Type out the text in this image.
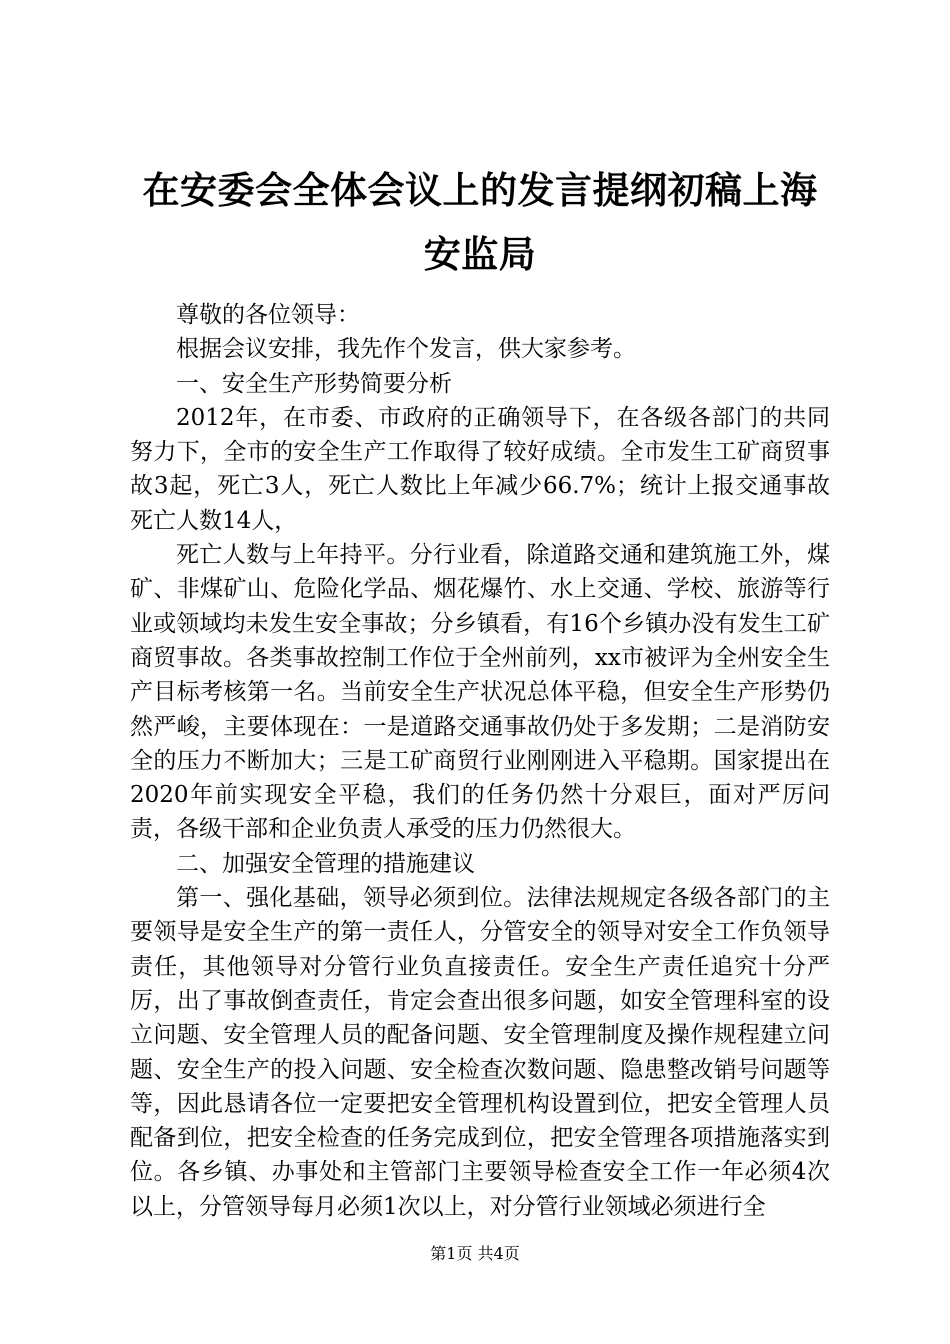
在安委会全体会议上的发言提纲初稿上海安监局

尊敬的各位领导：

根据会议安排，我先作个发言，供大家参考。

一、安全生产形势简要分析

2012年，在市委、市政府的正确领导下，在各级各部门的共同努力下，全市的安全生产工作取得了较好成绩。全市发生工矿商贸事故3起，死亡3人，死亡人数比上年减少66.7%；统计上报交通事故死亡人数14人，

死亡人数与上年持平。分行业看，除道路交通和建筑施工外，煤矿、非煤矿山、危险化学品、烟花爆竹、水上交通、学校、旅游等行业或领域均未发生安全事故；分乡镇看，有16个乡镇办没有发生工矿商贸事故。各类事故控制工作位于全州前列，xx市被评为全州安全生产目标考核第一名。当前安全生产状况总体平稳，但安全生产形势仍然严峻，主要体现在：一是道路交通事故仍处于多发期；二是消防安全的压力不断加大；三是工矿商贸行业刚刚进入平稳期。国家提出在2020年前实现安全平稳，我们的任务仍然十分艰巨，面对严厉问责，各级干部和企业负责人承受的压力仍然很大。

二、加强安全管理的措施建议

第一、强化基础，领导必须到位。法律法规规定各级各部门的主要领导是安全生产的第一责任人，分管安全的领导对安全工作负领导责任，其他领导对分管行业负直接责任。安全生产责任追究十分严厉，出了事故倒查责任，肯定会查出很多问题，如安全管理科室的设立问题、安全管理人员的配备问题、安全管理制度及操作规程建立问题、安全生产的投入问题、安全检查次数问题、隐患整改销号问题等等，因此恳请各位一定要把安全管理机构设置到位，把安全管理人员配备到位，把安全检查的任务完成到位，把安全管理各项措施落实到位。各乡镇、办事处和主管部门主要领导检查安全工作一年必须4次以上，分管领导每月必须1次以上，对分管行业领域必须进行全

第1页 共4页
